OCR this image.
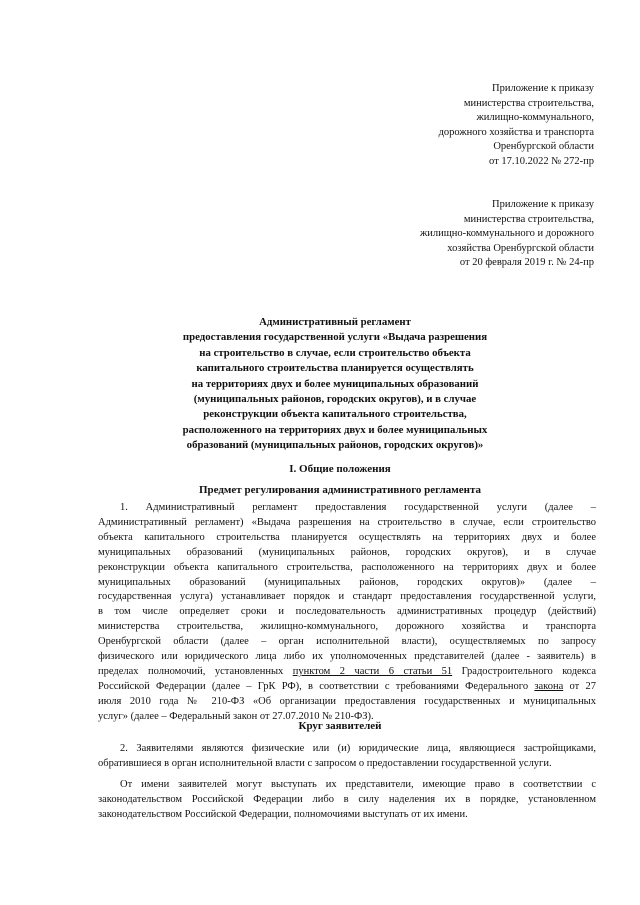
Приложение к приказу
министерства строительства,
жилищно-коммунального,
дорожного хозяйства и транспорта
Оренбургской области
от 17.10.2022 № 272-пр
Приложение к приказу
министерства строительства,
жилищно-коммунального и дорожного
хозяйства Оренбургской области
от 20 февраля 2019 г. № 24-пр
Административный регламент
предоставления государственной услуги «Выдача разрешения
на строительство в случае, если строительство объекта
капитального строительства планируется осуществлять
на территориях двух и более муниципальных образований
(муниципальных районов, городских округов), и в случае
реконструкции объекта капитального строительства,
расположенного на территориях двух и более муниципальных
образований (муниципальных районов, городских округов)»
I. Общие положения
Предмет регулирования административного регламента
1. Административный регламент предоставления государственной услуги (далее –
Административный регламент) «Выдача разрешения на строительство в случае, если строительство
объекта капитального строительства планируется осуществлять на территориях двух и более
муниципальных образований (муниципальных районов, городских округов), и в случае
реконструкции объекта капитального строительства, расположенного на территориях двух и более
муниципальных образований (муниципальных районов, городских округов)» (далее –
государственная услуга) устанавливает порядок и стандарт предоставления государственной услуги,
в том числе определяет сроки и последовательность административных процедур (действий)
министерства строительства, жилищно-коммунального, дорожного хозяйства и транспорта
Оренбургской области (далее – орган исполнительной власти), осуществляемых по запросу
физического или юридического лица либо их уполномоченных представителей (далее - заявитель) в
пределах полномочий, установленных пунктом 2 части 6 статьи 51 Градостроительного кодекса
Российской Федерации (далее – ГрК РФ), в соответствии с требованиями Федерального закона от 27
июля 2010 года № 210-ФЗ «Об организации предоставления государственных и муниципальных
услуг» (далее – Федеральный закон от 27.07.2010 № 210-ФЗ).
Круг заявителей
2. Заявителями являются физические или (и) юридические лица, являющиеся застройщиками,
обратившиеся в орган исполнительной власти с запросом о предоставлении государственной услуги.
От имени заявителей могут выступать их представители, имеющие право в соответствии с
законодательством Российской Федерации либо в силу наделения их в порядке, установленном
законодательством Российской Федерации, полномочиями выступать от их имени.
